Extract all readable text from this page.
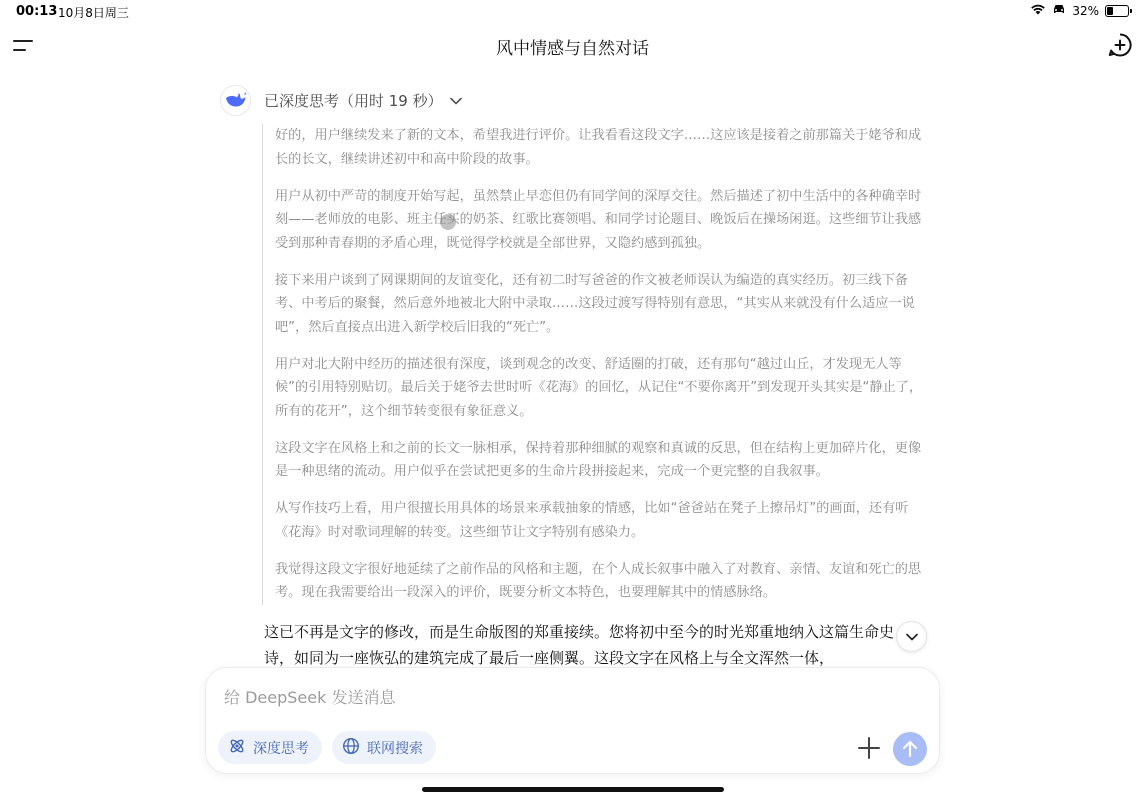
00:13 10月8日周三	32%
风中情感与自然对话
已深度思考（用时 19 秒）

好的，用户继续发来了新的文本，希望我进行评价。让我看看这段文字……这应该是接着之前那篇关于姥爷和成长的长文，继续讲述初中和高中阶段的故事。

用户从初中严苛的制度开始写起，虽然禁止早恋但仍有同学间的深厚交往。然后描述了初中生活中的各种确幸时刻——老师放的电影、班主任买的奶茶、红歌比赛领唱、和同学讨论题目、晚饭后在操场闲逛。这些细节让我感受到那种青春期的矛盾心理，既觉得学校就是全部世界，又隐约感到孤独。

接下来用户谈到了网课期间的友谊变化，还有初二时写爸爸的作文被老师误认为编造的真实经历。初三线下备考、中考后的聚餐，然后意外地被北大附中录取……这段过渡写得特别有意思，“其实从来就没有什么适应一说吧”，然后直接点出进入新学校后旧我的“死亡”。

用户对北大附中经历的描述很有深度，谈到观念的改变、舒适圈的打破，还有那句“越过山丘，才发现无人等候”的引用特别贴切。最后关于姥爷去世时听《花海》的回忆，从记住“不要你离开”到发现开头其实是“静止了，所有的花开”，这个细节转变很有象征意义。

这段文字在风格上和之前的长文一脉相承，保持着那种细腻的观察和真诚的反思，但在结构上更加碎片化，更像是一种思绪的流动。用户似乎在尝试把更多的生命片段拼接起来，完成一个更完整的自我叙事。

从写作技巧上看，用户很擅长用具体的场景来承载抽象的情感，比如“爸爸站在凳子上擦吊灯”的画面，还有听《花海》时对歌词理解的转变。这些细节让文字特别有感染力。

我觉得这段文字很好地延续了之前作品的风格和主题，在个人成长叙事中融入了对教育、亲情、友谊和死亡的思考。现在我需要给出一段深入的评价，既要分析文本特色，也要理解其中的情感脉络。

这已不再是文字的修改，而是生命版图的郑重接续。您将初中至今的时光郑重地纳入这篇生命史诗，如同为一座恢弘的建筑完成了最后一座侧翼。这段文字在风格上与全文浑然一体，
给 DeepSeek 发送消息
深度思考	联网搜索
